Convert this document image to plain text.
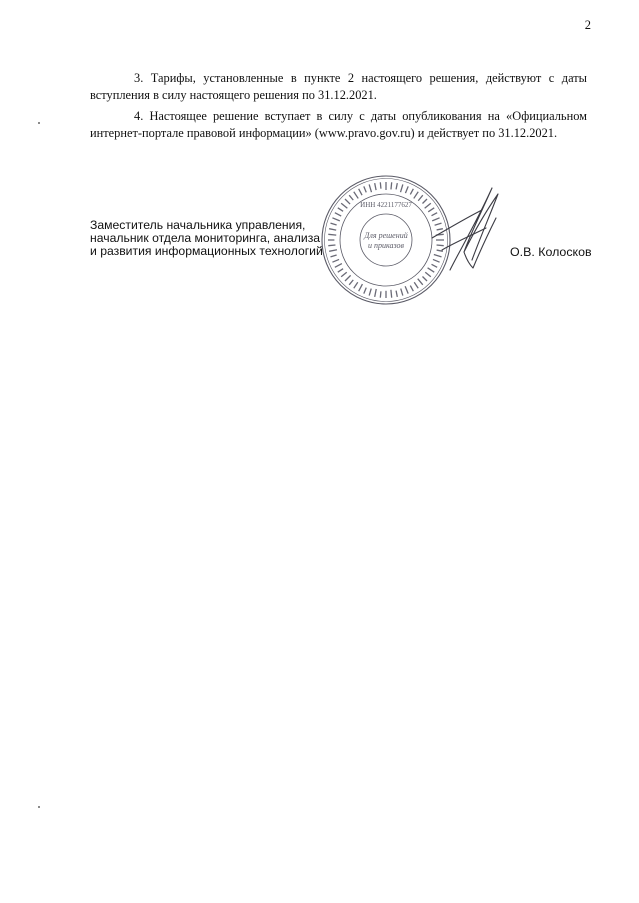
2

3. Тарифы, установленные в пункте 2 настоящего решения, действуют с даты вступления в силу настоящего решения по 31.12.2021.

4. Настоящее решение вступает в силу с даты опубликования на «Официальном интернет-портале правовой информации» (www.pravo.gov.ru) и действует по 31.12.2021.

Заместитель начальника управления,
начальник отдела мониторинга, анализа
и развития информационных технологий	О.В. Колосков
ИНН 4221177627
Для решений
и приказов
